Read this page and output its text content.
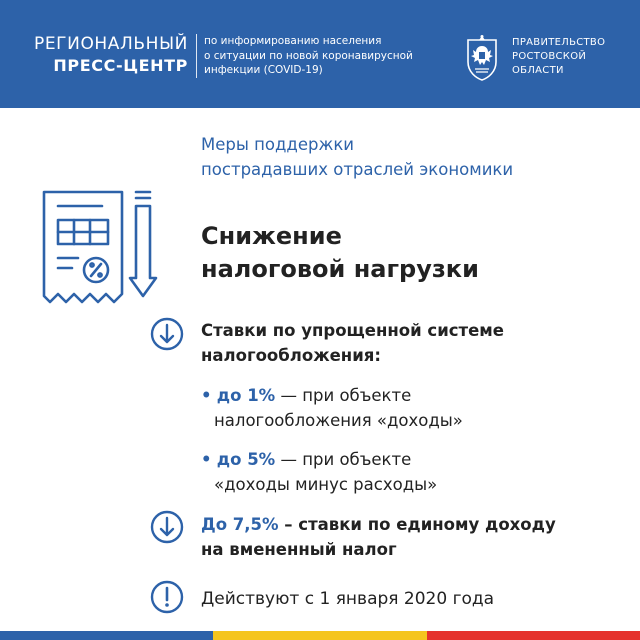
РЕГИОНАЛЬНЫЙ
ПРЕСС-ЦЕНТР
по информированию населения
о ситуации по новой коронавирусной
инфекции (COVID-19)
ПРАВИТЕЛЬСТВО
РОСТОВСКОЙ
ОБЛАСТИ
Меры поддержки
пострадавших отраслей экономики
Снижение
налоговой нагрузки
Ставки по упрощенной системе
налогообложения:
• до 1% — при объекте
налогообложения «доходы»
• до 5% — при объекте
«доходы минус расходы»
До 7,5% – ставки по единому доходу
на вмененный налог
Действуют с 1 января 2020 года
